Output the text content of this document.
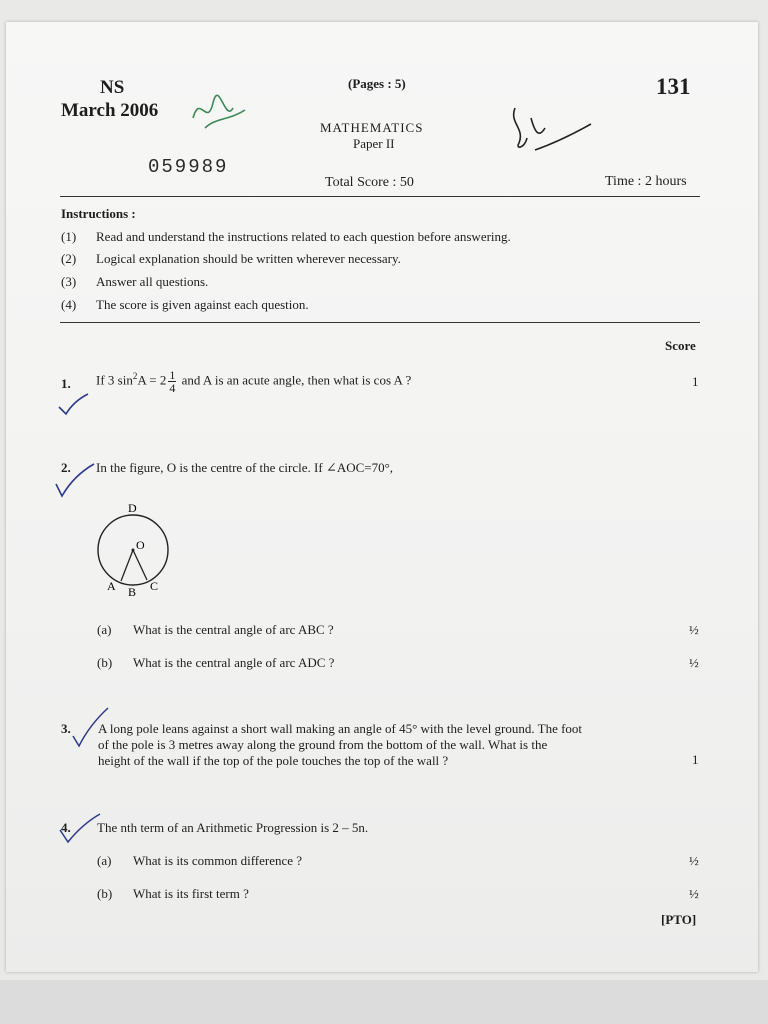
NS
March 2006
(Pages : 5)	131
MATHEMATICS
Paper II
059989
Total Score : 50	Time : 2 hours
Instructions :
(1) Read and understand the instructions related to each question before answering.
(2) Logical explanation should be written wherever necessary.
(3) Answer all questions.
(4) The score is given against each question.
Score
1. If 3 $\sin^2A = 2 \frac{1}{4}$ and A is an acute angle, then what is cos A ?	1
2. In the figure, O is the centre of the circle. If ∠AOC=70°,
D
O
A B C
(a) What is the central angle of arc ABC ?	½
(b) What is the central angle of arc ADC ?	½
3. A long pole leans against a short wall making an angle of 45° with the level ground. The foot
of the pole is 3 metres away along the ground from the bottom of the wall. What is the
height of the wall if the top of the pole touches the top of the wall ?	1
4. The nth term of an Arithmetic Progression is 2 – 5n.
(a) What is its common difference ?	½
(b) What is its first term ?	½
[PTO]
